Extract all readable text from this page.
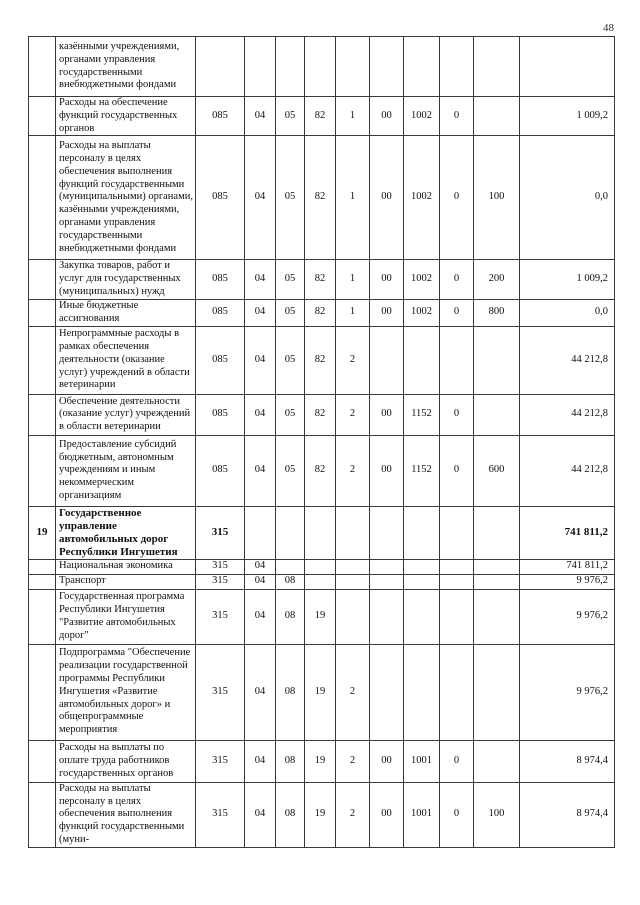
48
	казёнными учреждениями, органами управления государственными внебюджетными фондами										
	Расходы на обеспечение функций государственных органов	085	04	05	82	1	00	1002	0		1 009,2
	Расходы на выплаты персоналу в целях обеспечения выполнения функций государственными (муниципальными) органами, казёнными учреждениями, органами управления государственными внебюджетными фондами	085	04	05	82	1	00	1002	0	100	0,0
	Закупка товаров, работ и услуг для государственных (муниципальных) нужд	085	04	05	82	1	00	1002	0	200	1 009,2
	Иные бюджетные ассигнования	085	04	05	82	1	00	1002	0	800	0,0
	Непрограммные расходы в рамках обеспечения деятельности (оказание услуг) учреждений в области ветеринарии	085	04	05	82	2					44 212,8
	Обеспечение деятельности (оказание услуг) учреждений в области ветеринарии	085	04	05	82	2	00	1152	0		44 212,8
	Предоставление субсидий бюджетным, автономным учреждениям и иным некоммерческим организациям	085	04	05	82	2	00	1152	0	600	44 212,8
19	Государственное управление автомобильных дорог Республики Ингушетия	315									741 811,2
	Национальная экономика	315	04								741 811,2
	Транспорт	315	04	08							9 976,2
	Государственная программа Республики Ингушетия "Развитие автомобильных дорог"	315	04	08	19						9 976,2
	Подпрограмма "Обеспечение реализации государственной программы Республики Ингушетия «Развитие автомобильных дорог» и общепрограммные мероприятия	315	04	08	19	2					9 976,2
	Расходы на выплаты по оплате труда работников государственных органов	315	04	08	19	2	00	1001	0		8 974,4
	Расходы на выплаты персоналу в целях обеспечения выполнения функций государственными (муни-	315	04	08	19	2	00	1001	0	100	8 974,4
